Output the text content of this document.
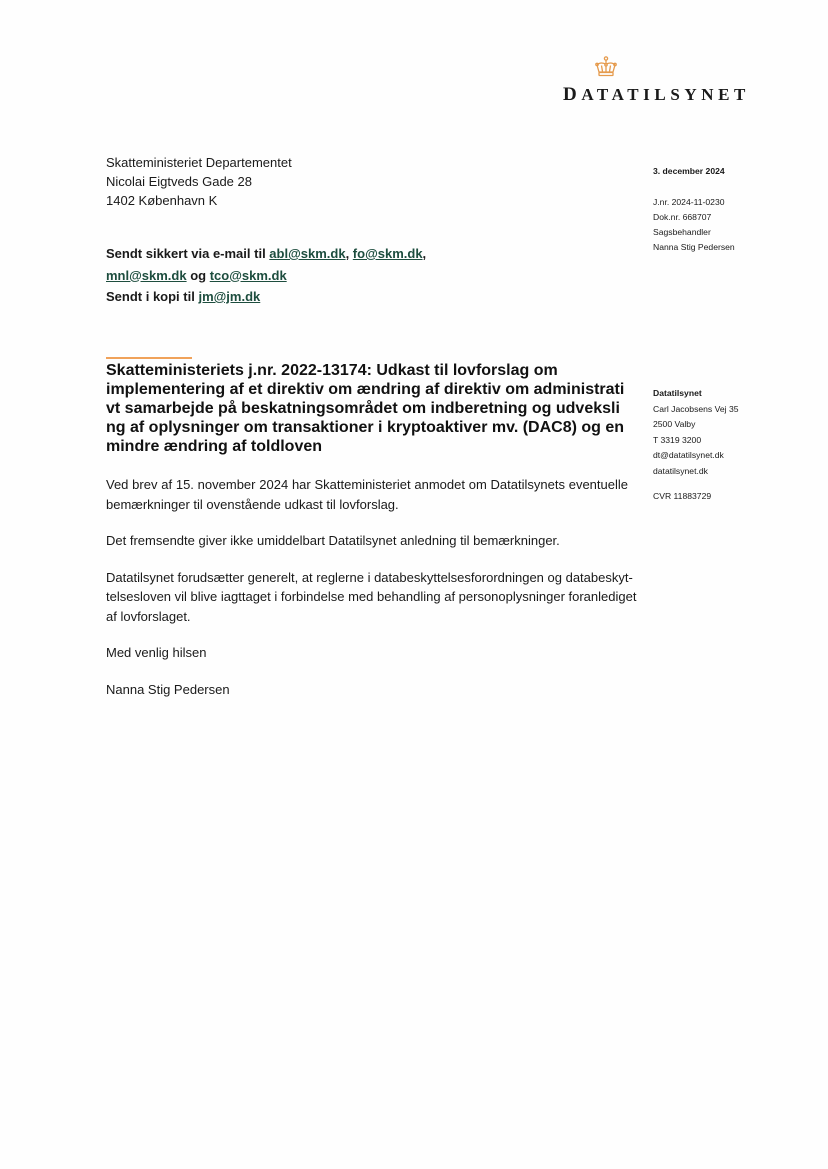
DATATILSYNET
Skatteministeriet Departementet
Nicolai Eigtveds Gade 28
1402 København K
3. december 2024
J.nr. 2024-11-0230
Dok.nr. 668707
Sagsbehandler
Nanna Stig Pedersen
Sendt sikkert via e-mail til abl@skm.dk, fo@skm.dk,
mnl@skm.dk og tco@skm.dk
Sendt i kopi til jm@jm.dk
Skatteministeriets j.nr. 2022-13174: Udkast til lovforslag om
implementering af et direktiv om ændring af direktiv om administrati
vt samarbejde på beskatningsområdet om indberetning og udveksli
ng af oplysninger om transaktioner i kryptoaktiver mv. (DAC8) og en
mindre ændring af toldloven
Datatilsynet
Carl Jacobsens Vej 35
2500 Valby
T 3319 3200
dt@datatilsynet.dk
datatilsynet.dk
CVR 11883729
Ved brev af 15. november 2024 har Skatteministeriet anmodet om Datatilsynets eventuelle
bemærkninger til ovenstående udkast til lovforslag.
Det fremsendte giver ikke umiddelbart Datatilsynet anledning til bemærkninger.
Datatilsynet forudsætter generelt, at reglerne i databeskyttelsesforordningen og databeskyt-
telsesloven vil blive iagttaget i forbindelse med behandling af personoplysninger foranlediget
af lovforslaget.
Med venlig hilsen
Nanna Stig Pedersen
